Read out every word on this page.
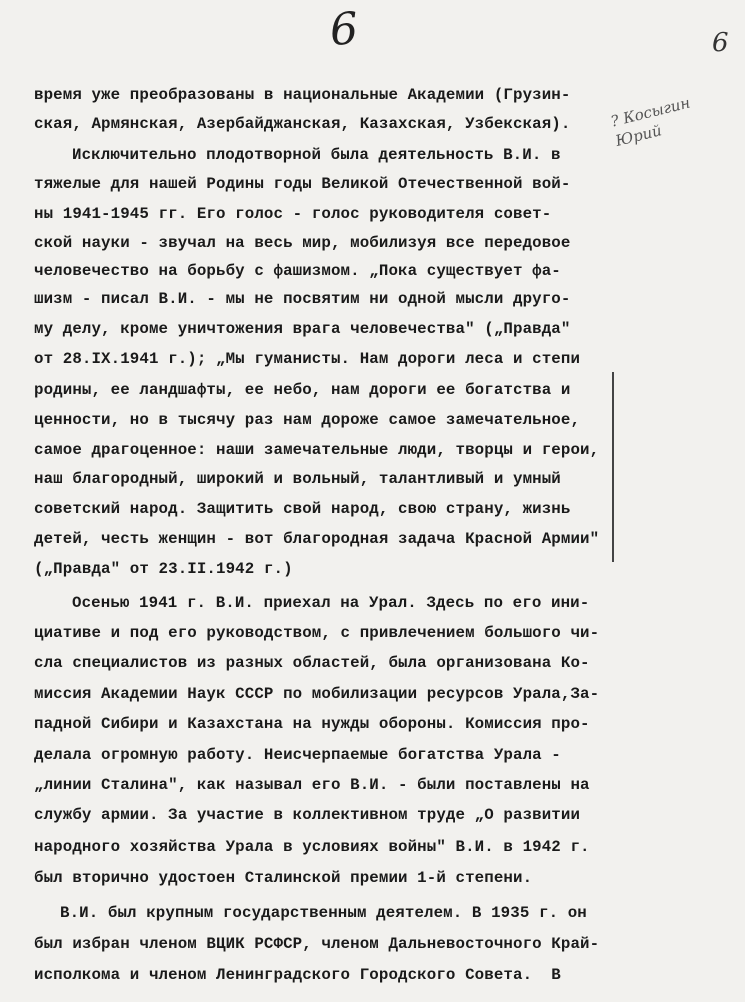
6	6
? Косыгин Юрий
время уже преобразованы в национальные Академии (Грузин-
ская, Армянская, Азербайджанская, Казахская, Узбекская).
Исключительно плодотворной была деятельность В.И. в
тяжелые для нашей Родины годы Великой Отечественной вой-
ны 1941-1945 гг. Его голос - голос руководителя совет-
ской науки - звучал на весь мир, мобилизуя все передовое
человечество на борьбу с фашизмом. „Пока существует фа-
шизм - писал В.И. - мы не посвятим ни одной мысли друго-
му делу, кроме уничтожения врага человечества" („Правда"
от 28.IX.1941 г.); „Мы гуманисты. Нам дороги леса и степи
родины, ее ландшафты, ее небо, нам дороги ее богатства и
ценности, но в тысячу раз нам дороже самое замечательное,
самое драгоценное: наши замечательные люди, творцы и герои,
наш благородный, широкий и вольный, талантливый и умный
советский народ. Защитить свой народ, свою страну, жизнь
детей, честь женщин - вот благородная задача Красной Армии"
(„Правда" от 23.II.1942 г.)
Осенью 1941 г. В.И. приехал на Урал. Здесь по его ини-
циативе и под его руководством, с привлечением большого чи-
сла специалистов из разных областей, была организована Ко-
миссия Академии Наук СССР по мобилизации ресурсов Урала,За-
падной Сибири и Казахстана на нужды обороны. Комиссия про-
делала огромную работу. Неисчерпаемые богатства Урала -
„линии Сталина", как называл его В.И. - были поставлены на
службу армии. За участие в коллективном труде „О развитии
народного хозяйства Урала в условиях войны" В.И. в 1942 г.
был вторично удостоен Сталинской премии 1-й степени.
В.И. был крупным государственным деятелем. В 1935 г. он
был избран членом ВЦИК РСФСР, членом Дальневосточного Край-
исполкома и членом Ленинградского Городского Совета.  В
